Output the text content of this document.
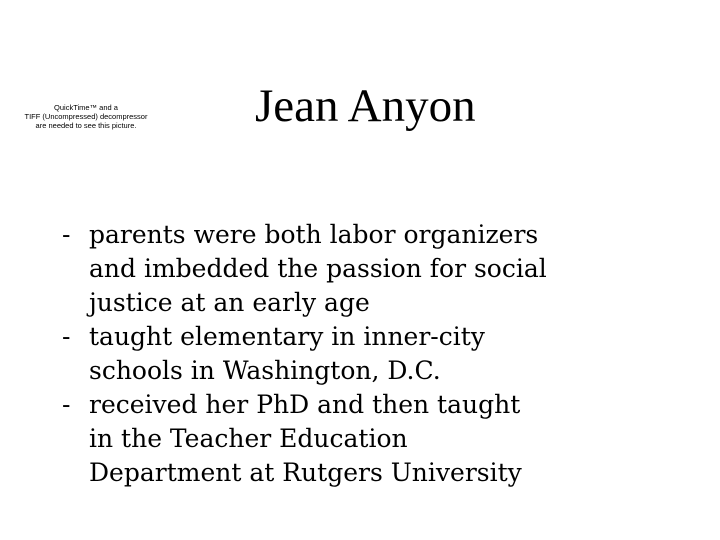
QuickTime™ and a
TIFF (Uncompressed) decompressor
are needed to see this picture.	Jean Anyon
- parents were both labor organizers
and imbedded the passion for social
justice at an early age
- taught elementary in inner-city
schools in Washington, D.C.
- received her PhD and then taught
in the Teacher Education
Department at Rutgers University
